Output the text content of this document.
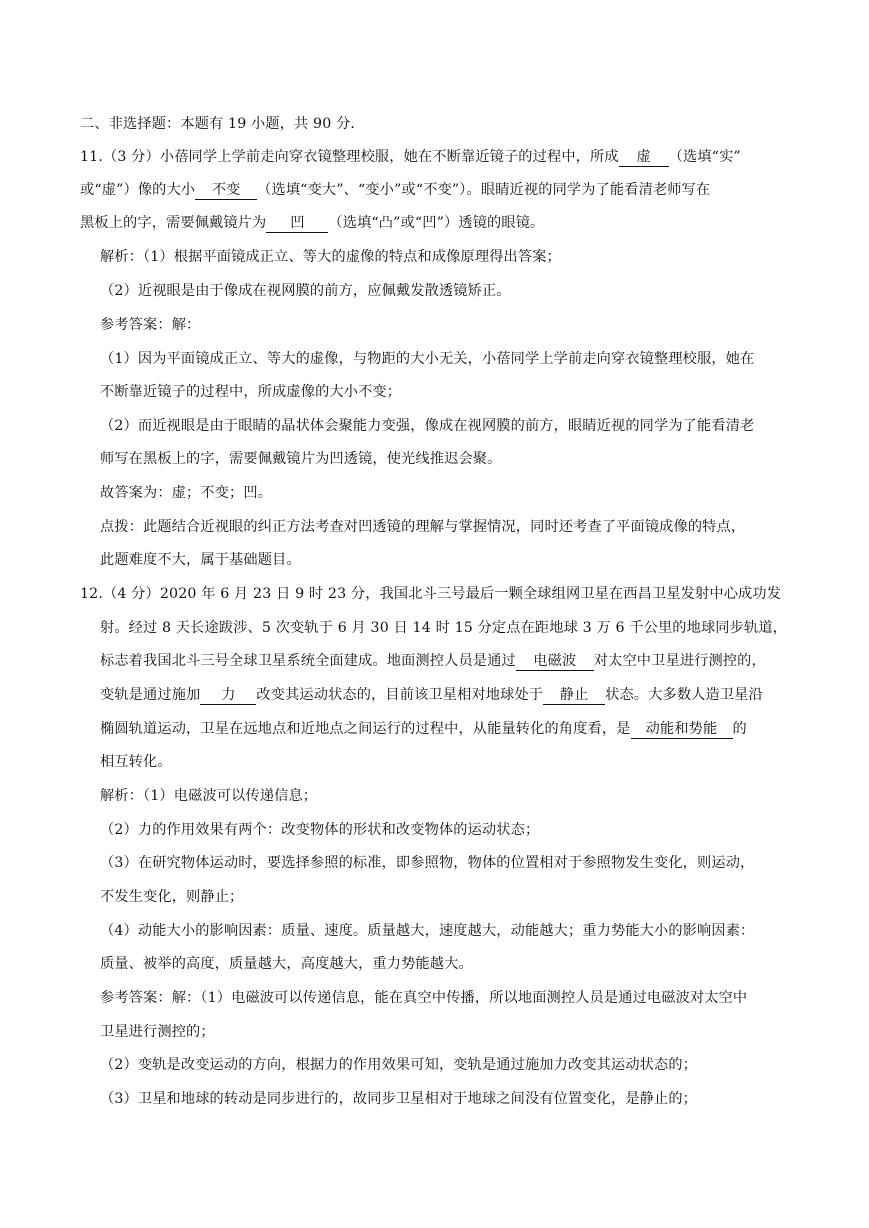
二、非选择题：本题有 19 小题，共 90 分．
11.（3 分）小蓓同学上学前走向穿衣镜整理校服，她在不断靠近镜子的过程中，所成 虚 （选填“实”
或“虚”）像的大小 不变 （选填“变大”、“变小”或“不变”）。眼睛近视的同学为了能看清老师写在
黑板上的字，需要佩戴镜片为 凹 （选填“凸”或“凹”）透镜的眼镜。
解析：（1）根据平面镜成正立、等大的虚像的特点和成像原理得出答案；
（2）近视眼是由于像成在视网膜的前方，应佩戴发散透镜矫正。
参考答案：解：
（1）因为平面镜成正立、等大的虚像，与物距的大小无关，小蓓同学上学前走向穿衣镜整理校服，她在
不断靠近镜子的过程中，所成虚像的大小不变；
（2）而近视眼是由于眼睛的晶状体会聚能力变强，像成在视网膜的前方，眼睛近视的同学为了能看清老
师写在黑板上的字，需要佩戴镜片为凹透镜，使光线推迟会聚。
故答案为：虚；不变；凹。
点拨：此题结合近视眼的纠正方法考查对凹透镜的理解与掌握情况，同时还考查了平面镜成像的特点，
此题难度不大，属于基础题目。
12.（4 分）2020 年 6 月 23 日 9 时 23 分，我国北斗三号最后一颗全球组网卫星在西昌卫星发射中心成功发
射。经过 8 天长途跋涉、5 次变轨于 6 月 30 日 14 时 15 分定点在距地球 3 万 6 千公里的地球同步轨道，
标志着我国北斗三号全球卫星系统全面建成。地面测控人员是通过 电磁波 对太空中卫星进行测控的，
变轨是通过施加 力 改变其运动状态的，目前该卫星相对地球处于 静止 状态。大多数人造卫星沿
椭圆轨道运动，卫星在远地点和近地点之间运行的过程中，从能量转化的角度看，是 动能和势能 的
相互转化。
解析：（1）电磁波可以传递信息；
（2）力的作用效果有两个：改变物体的形状和改变物体的运动状态；
（3）在研究物体运动时，要选择参照的标准，即参照物，物体的位置相对于参照物发生变化，则运动，
不发生变化，则静止；
（4）动能大小的影响因素：质量、速度。质量越大，速度越大，动能越大；重力势能大小的影响因素：
质量、被举的高度，质量越大，高度越大，重力势能越大。
参考答案：解：（1）电磁波可以传递信息，能在真空中传播，所以地面测控人员是通过电磁波对太空中
卫星进行测控的；
（2）变轨是改变运动的方向，根据力的作用效果可知，变轨是通过施加力改变其运动状态的；
（3）卫星和地球的转动是同步进行的，故同步卫星相对于地球之间没有位置变化，是静止的；
